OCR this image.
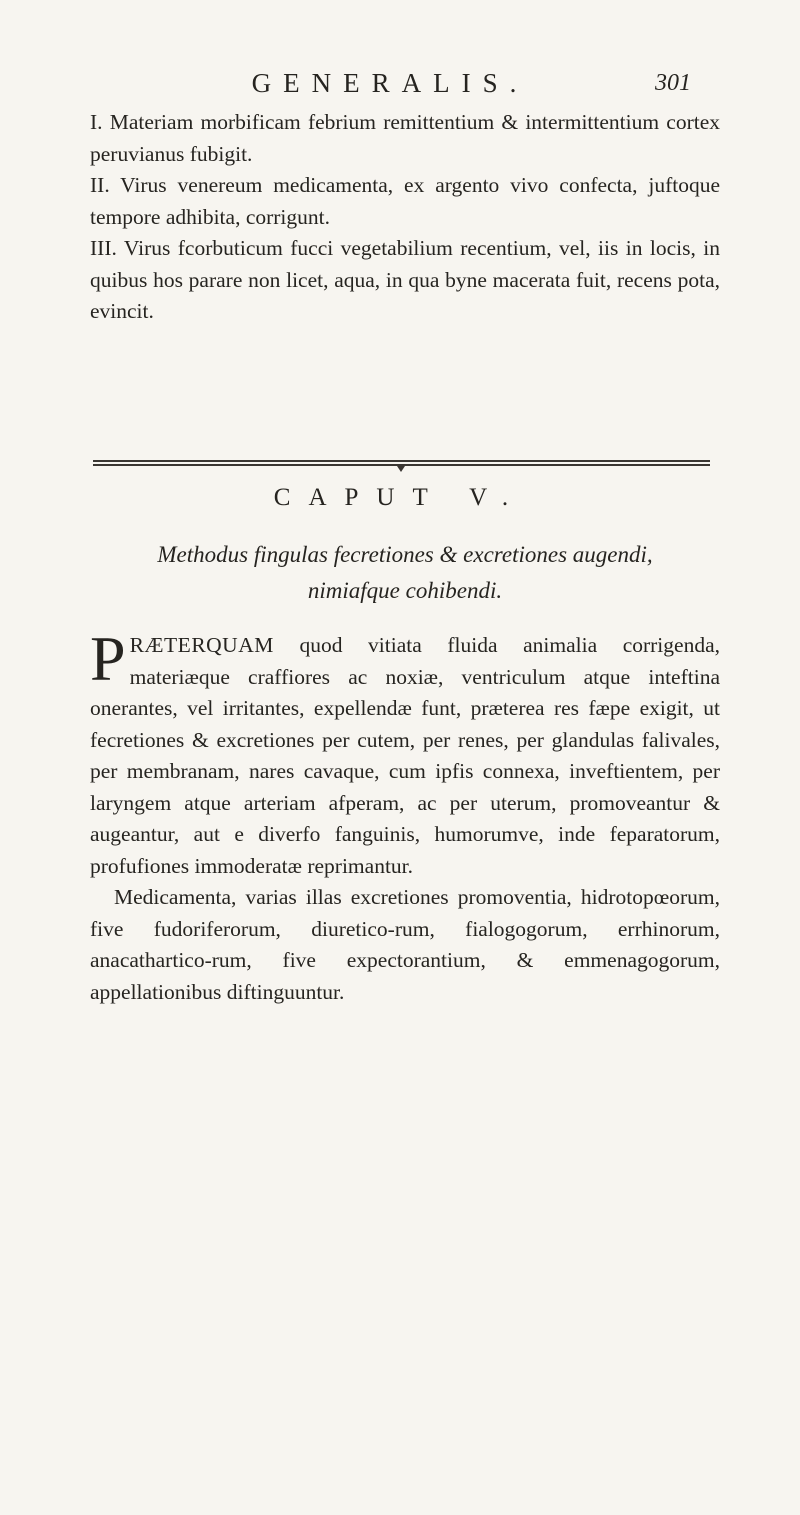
GENERALIS.	301

I. Materiam morbificam febrium remittentium & intermittentium cortex peruvianus fubigit.

II. Virus venereum medicamenta, ex argento vivo confecta, juftoque tempore adhibita, corrigunt.

III. Virus fcorbuticum fucci vegetabilium recentium, vel, iis in locis, in quibus hos parare non licet, aqua, in qua byne macerata fuit, recens pota, evincit.

CAPUT V.
Methodus fingulas fecretiones & excretiones augendi,
nimiafque cohibendi.

PRÆTERQUAM quod vitiata fluida animalia corrigenda, materiæque craffiores ac noxiæ, ventriculum atque inteftina onerantes, vel irritantes, expellendæ funt, præterea res fæpe exigit, ut fecretiones & excretiones per cutem, per renes, per glandulas falivales, per membranam, nares cavaque, cum ipfis connexa, inveftientem, per laryngem atque arteriam afperam, ac per uterum, promoveantur & augeantur, aut e diverfo fanguinis, humorumve, inde feparatorum, profufiones immoderatæ reprimantur.

Medicamenta, varias illas excretiones promoventia, hidrotopœorum, five fudoriferorum, diuretico-rum, fialogogorum, errhinorum, anacathartico-rum, five expectorantium, & emmenagogorum, appellationibus diftinguuntur.
